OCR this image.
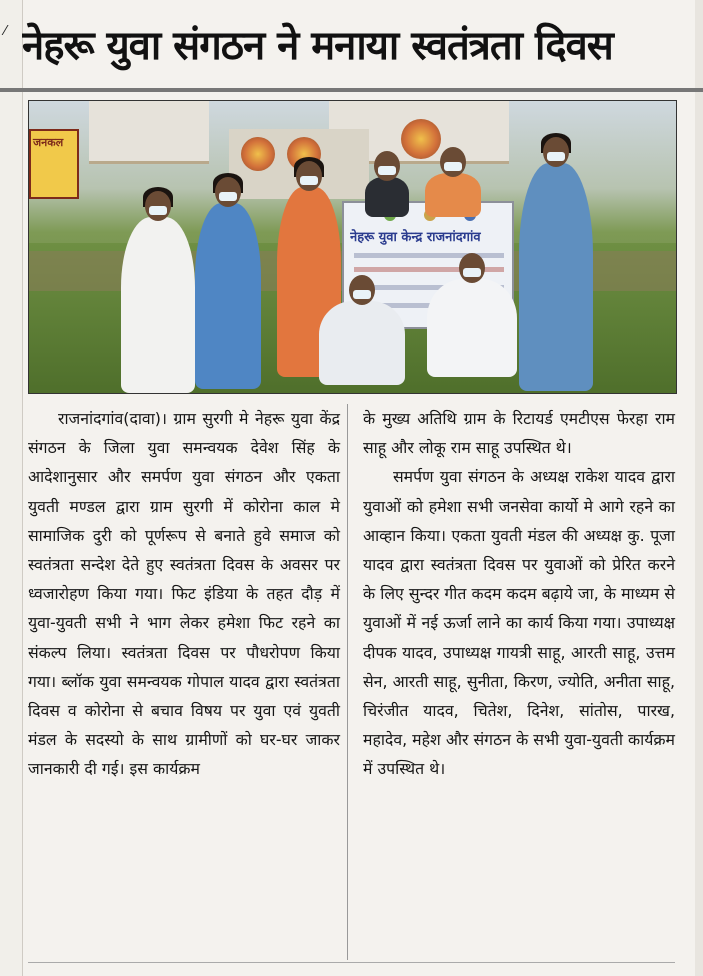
⁄ नेहरू युवा संगठन ने मनाया स्वतंत्रता दिवस
जनकल
नेहरू युवा केन्द्र राजनांदगांव

राजनांदगांव(दावा)। ग्राम सुरगी मे नेहरू युवा केंद्र संगठन के जिला युवा समन्वयक देवेश सिंह के आदेशानुसार और समर्पण युवा संगठन और एकता युवती मण्डल द्वारा ग्राम सुरगी में कोरोना काल मे सामाजिक दुरी को पूर्णरूप से बनाते हुवे समाज को स्वतंत्रता सन्देश देते हुए स्वतंत्रता दिवस के अवसर पर ध्वजारोहण किया गया। फिट इंडिया के तहत दौड़ में युवा-युवती सभी ने भाग लेकर हमेशा फिट रहने का संकल्प लिया। स्वतंत्रता दिवस पर पौधरोपण किया गया। ब्लॉक युवा समन्वयक गोपाल यादव द्वारा स्वतंत्रता दिवस व कोरोना से बचाव विषय पर युवा एवं युवती मंडल के सदस्यो के साथ ग्रामीणों को घर-घर जाकर जानकारी दी गई। इस कार्यक्रम

के मुख्य अतिथि ग्राम के रिटायर्ड एमटीएस फेरहा राम साहू और लोकू राम साहू उपस्थित थे।

समर्पण युवा संगठन के अध्यक्ष राकेश यादव द्वारा युवाओं को हमेशा सभी जनसेवा कार्यो मे आगे रहने का आव्हान किया। एकता युवती मंडल की अध्यक्ष कु. पूजा यादव द्वारा स्वतंत्रता दिवस पर युवाओं को प्रेरित करने के लिए सुन्दर गीत कदम कदम बढ़ाये जा, के माध्यम से युवाओं में नई ऊर्जा लाने का कार्य किया गया। उपाध्यक्ष दीपक यादव, उपाध्यक्ष गायत्री साहू, आरती साहू, उत्तम सेन, आरती साहू, सुनीता, किरण, ज्योति, अनीता साहू, चिरंजीत यादव, चितेश, दिनेश, सांतोस, पारख, महादेव, महेश और संगठन के सभी युवा-युवती कार्यक्रम में उपस्थित थे।
